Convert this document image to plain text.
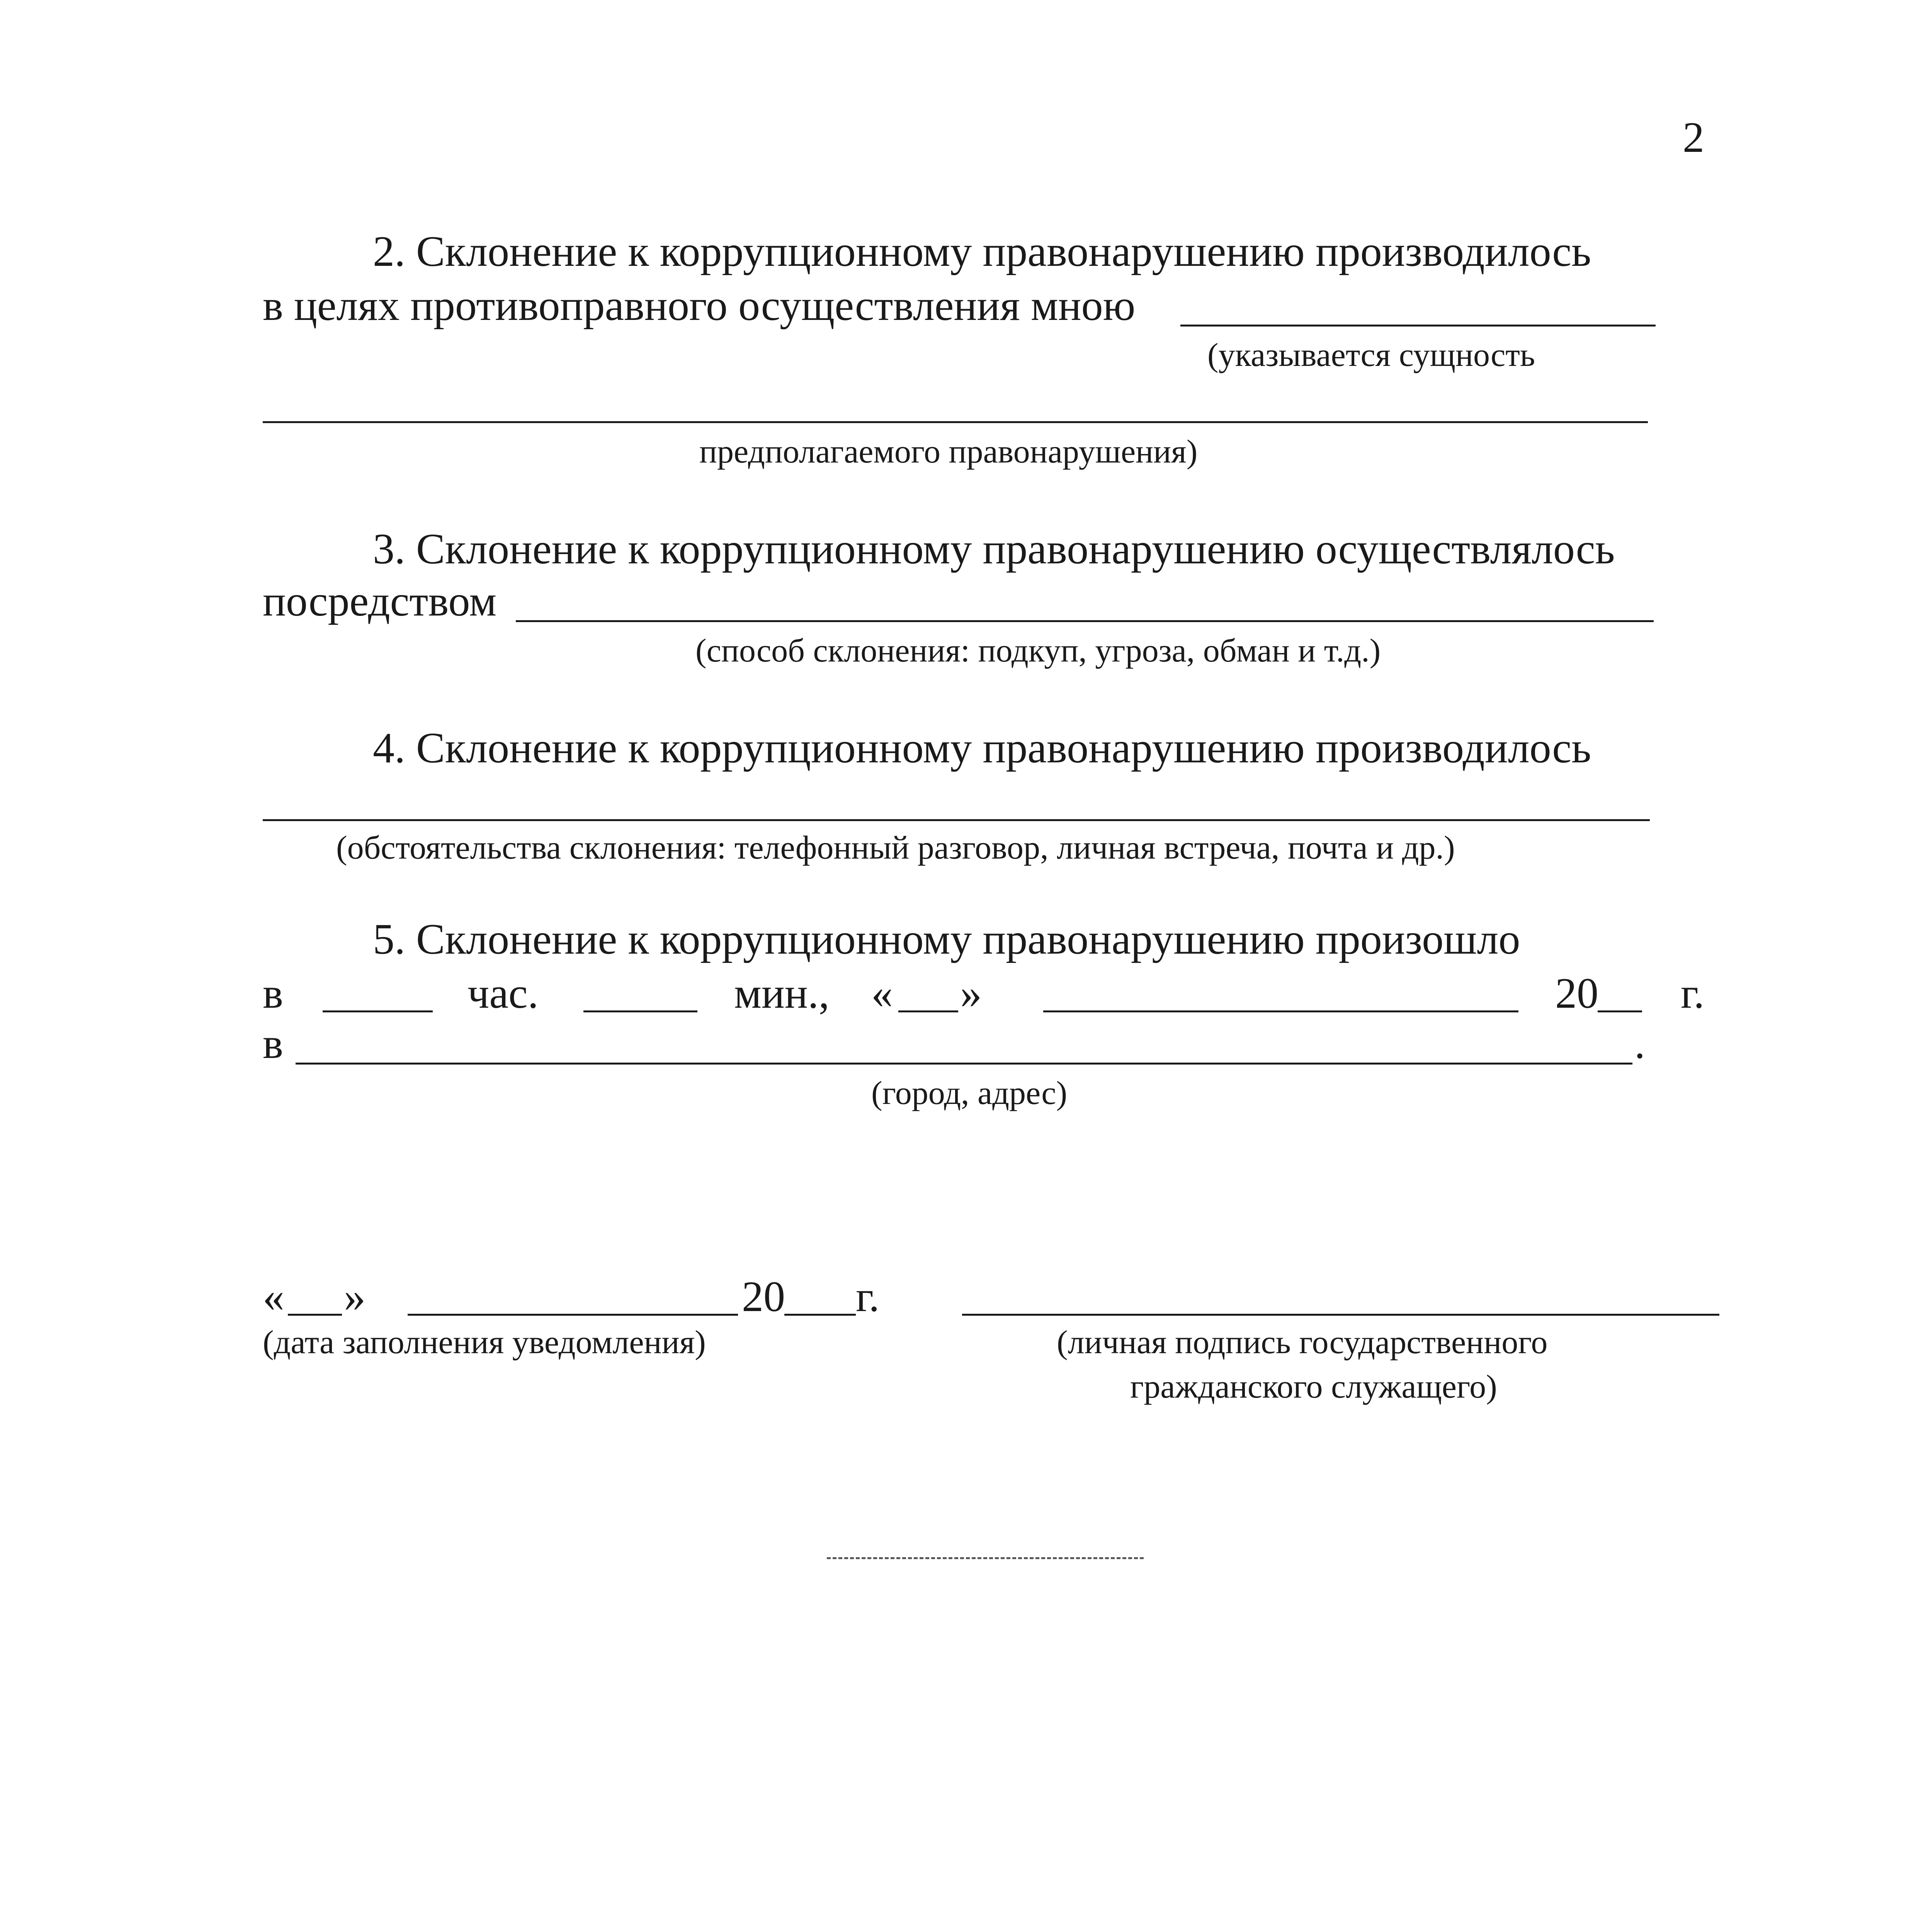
2
2. Склонение к коррупционному правонарушению производилось
в целях противоправного осуществления мною
(указывается сущность
предполагаемого правонарушения)
3. Склонение к коррупционному правонарушению осуществлялось
посредством
(способ склонения: подкуп, угроза, обман и т.д.)
4. Склонение к коррупционному правонарушению производилось
(обстоятельства склонения: телефонный разговор, личная встреча, почта и др.)
5. Склонение к коррупционному правонарушению произошло
в	час.	мин., « »	20 г.
в	.
(город, адрес)
« »	20 г.
(дата заполнения уведомления)	(личная подпись государственного
гражданского служащего)
